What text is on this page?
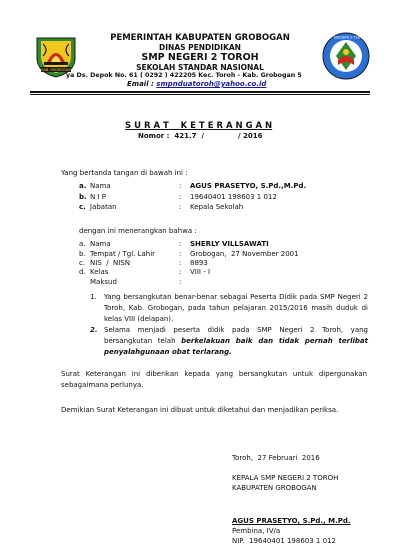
KAB. GROBOGAN
SMP NEGERI 2 TOROH
PEMERINTAH KABUPATEN GROBOGAN
DINAS PENDIDIKAN
SMP NEGERI 2 TOROH
SEKOLAH STANDAR NASIONAL
ya Ds. Depok No. 61 ( 0292 ) 422205 Kec. Toroh - Kab. Grobogan 5
Email : smpnduatoroh@yahoo.co.id
S U R A T    K E T E R A N G A N
Nomor :  421.7  /              / 2016
Yang bertanda tangan di bawah ini :
a. Nama	: AGUS PRASETYO, S.Pd.,M.Pd.
b. N I P	: 19640401 198603 1 012
c. Jabatan	: Kepala Sekolah
dengan ini menerangkan bahwa :
a. Nama	: SHERLY VILLSAWATI
b. Tempat / Tgl. Lahir	: Grobogan,  27 November 2001
c. NIS  /  NISN	: 8893
d. Kelas	: VIII - I
Maksud	:
1. Yang bersangkutan benar-benar sebagai Peserta Didik pada SMP Negeri 2 Toroh, Kab. Grobogan, pada tahun pelajaran 2015/2016 masih duduk di kelas VIII (delapan).
2. Selama menjadi peserta didik pada SMP Negeri 2 Toroh, yang bersangkutan telah berkelakuan baik dan tidak pernah terlibat penyalahgunaan obat terlarang.
Surat Keterangan ini diberikan kepada yang bersangkutan untuk dipergunakan sebagaimana perlunya.
Demikian Surat Keterangan ini dibuat untuk diketahui dan menjadikan periksa.
Toroh,  27 Februari  2016
KEPALA SMP NEGERI 2 TOROH
KABUPATEN GROBOGAN
AGUS PRASETYO, S.Pd., M.Pd.
Pembina, IV/a
NIP.  19640401 198603 1 012
